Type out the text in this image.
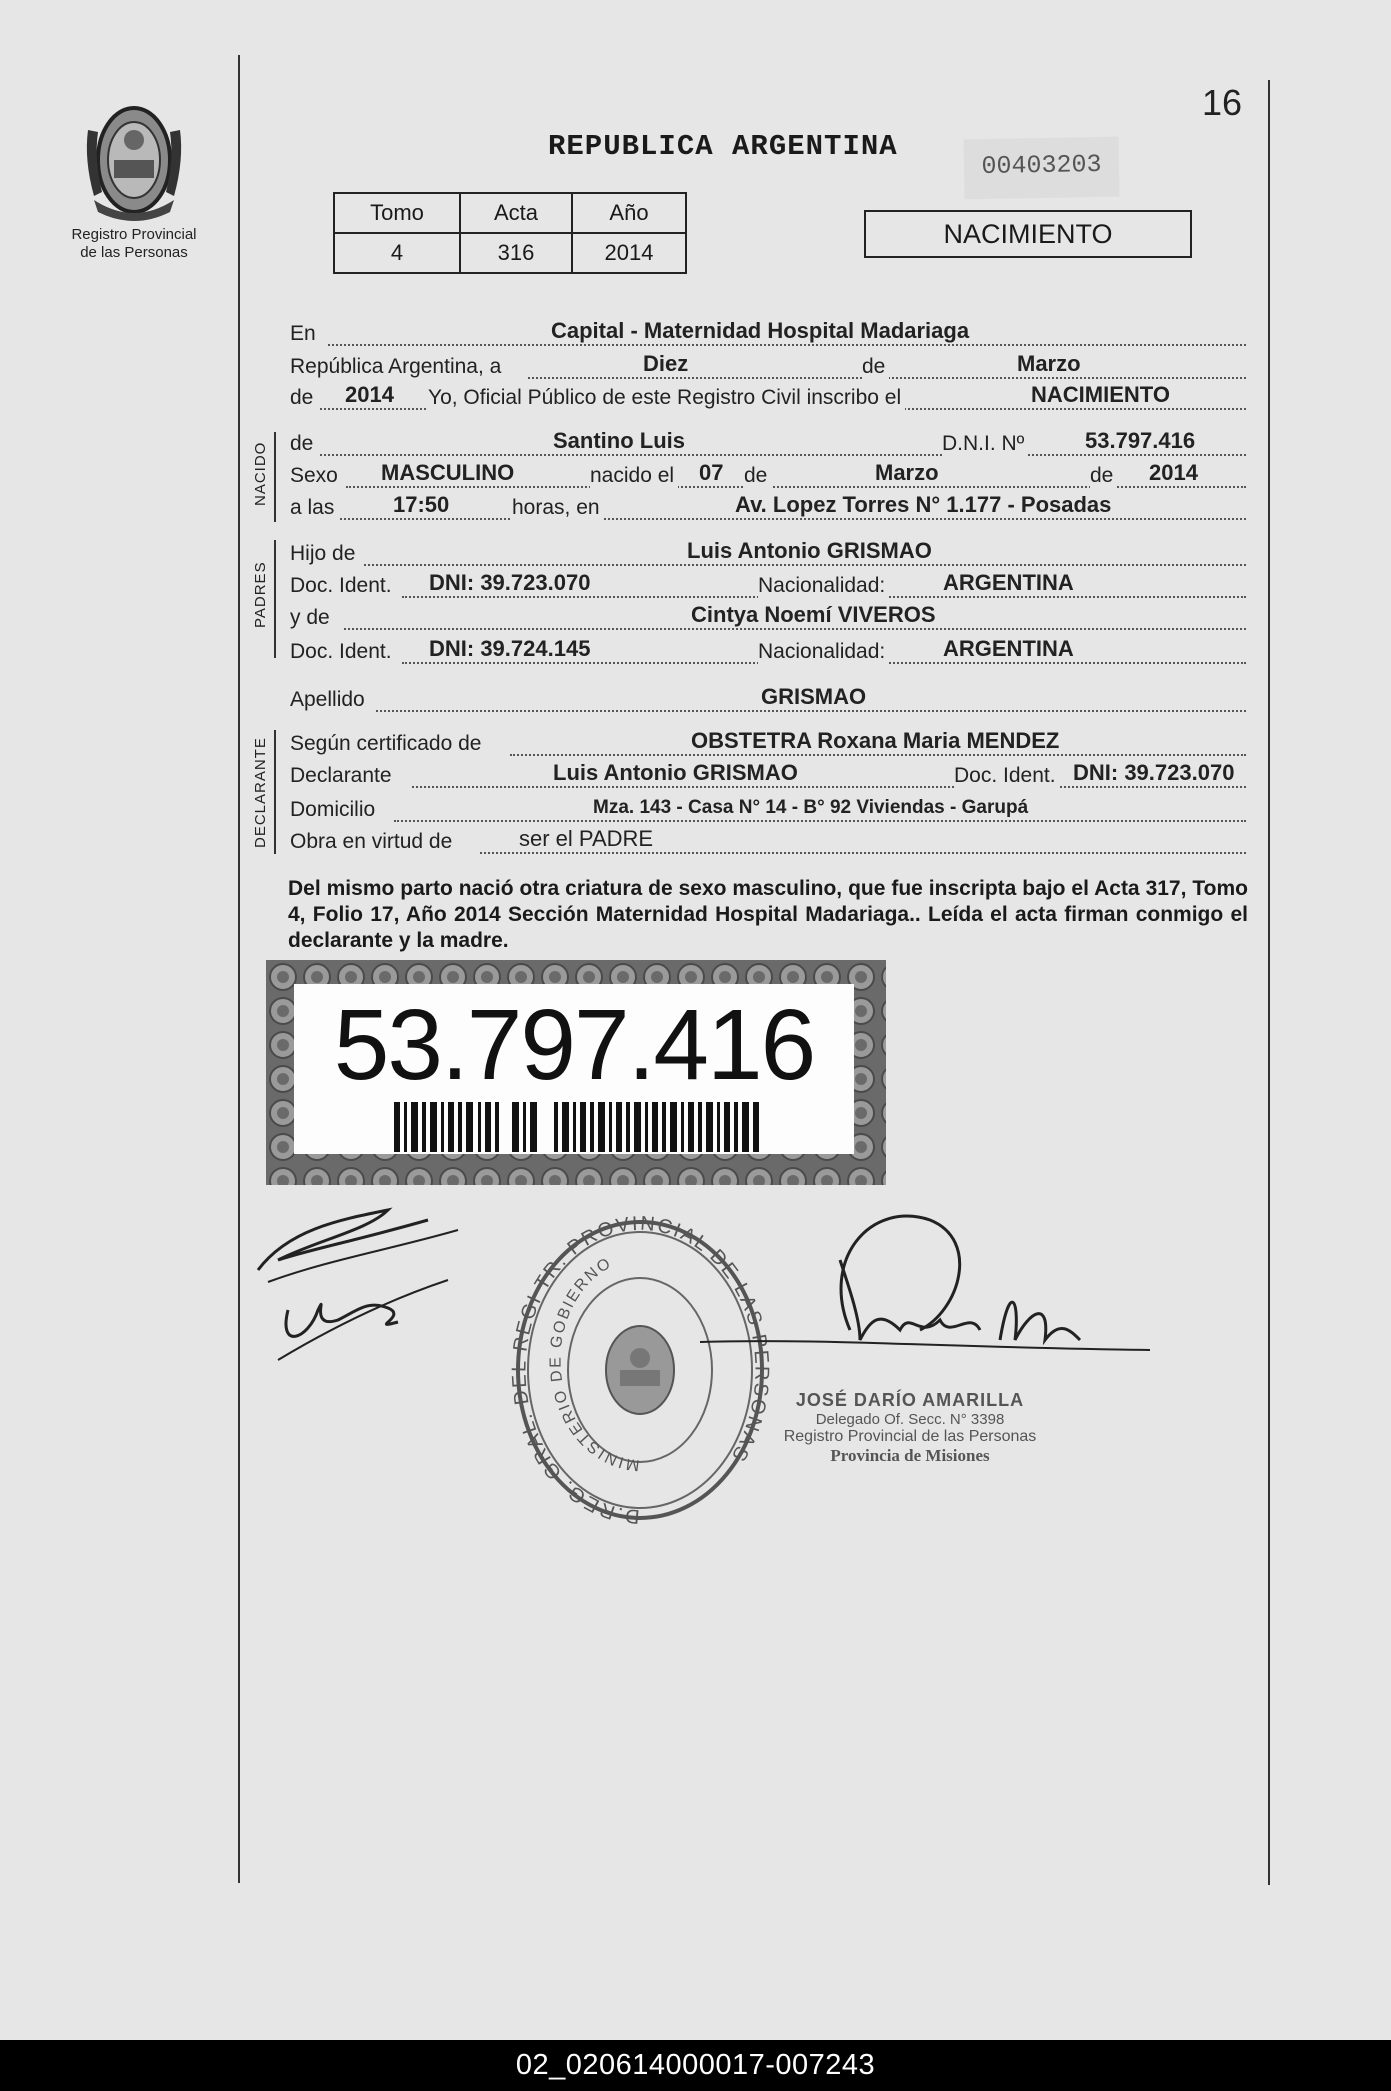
Registro Provincial
de las Personas
16
REPUBLICA ARGENTINA
00403203
Tomo	Acta	Año
4	316	2014
NACIMIENTO
En	Capital - Maternidad Hospital Madariaga
República Argentina, a	Diez	de	Marzo
de 2014 Yo, Oficial Público de este Registro Civil inscribo el	NACIMIENTO
NACIDO de	Santino Luis	D.N.I. Nº	53.797.416
Sexo MASCULINO	nacido el 07 de	Marzo	de 2014
a las	17:50	horas, en	Av. Lopez Torres N° 1.177 - Posadas
PADRES
Hijo de	Luis Antonio GRISMAO
Doc. Ident. DNI: 39.723.070	Nacionalidad:	ARGENTINA
y de	Cintya Noemí VIVEROS
Doc. Ident. DNI: 39.724.145	Nacionalidad:	ARGENTINA
Apellido	GRISMAO
DECLARANTE Según certificado de	OBSTETRA Roxana Maria MENDEZ
Declarante	Luis Antonio GRISMAO	Doc. Ident. DNI: 39.723.070
Domicilio	Mza. 143 - Casa N° 14 - B° 92 Viviendas - Garupá
Obra en virtud de	ser el PADRE
Del mismo parto nació otra criatura de sexo masculino, que fue inscripta bajo el Acta 317, Tomo 4, Folio 17, Año 2014 Sección Maternidad Hospital Madariaga.. Leída el acta firman conmigo el declarante y la madre.
53.797.416
D.REG. GRAL. DEL REGI TR. PROVINCIAL DE LAS P SONAS
MINISTERIO DE GOBIERNO
JOSÉ DARÍO AMARILLA
Delegado Of. Secc. N° 3398
Registro Provincial de las Personas
Provincia de Misiones
02_020614000017-007243
